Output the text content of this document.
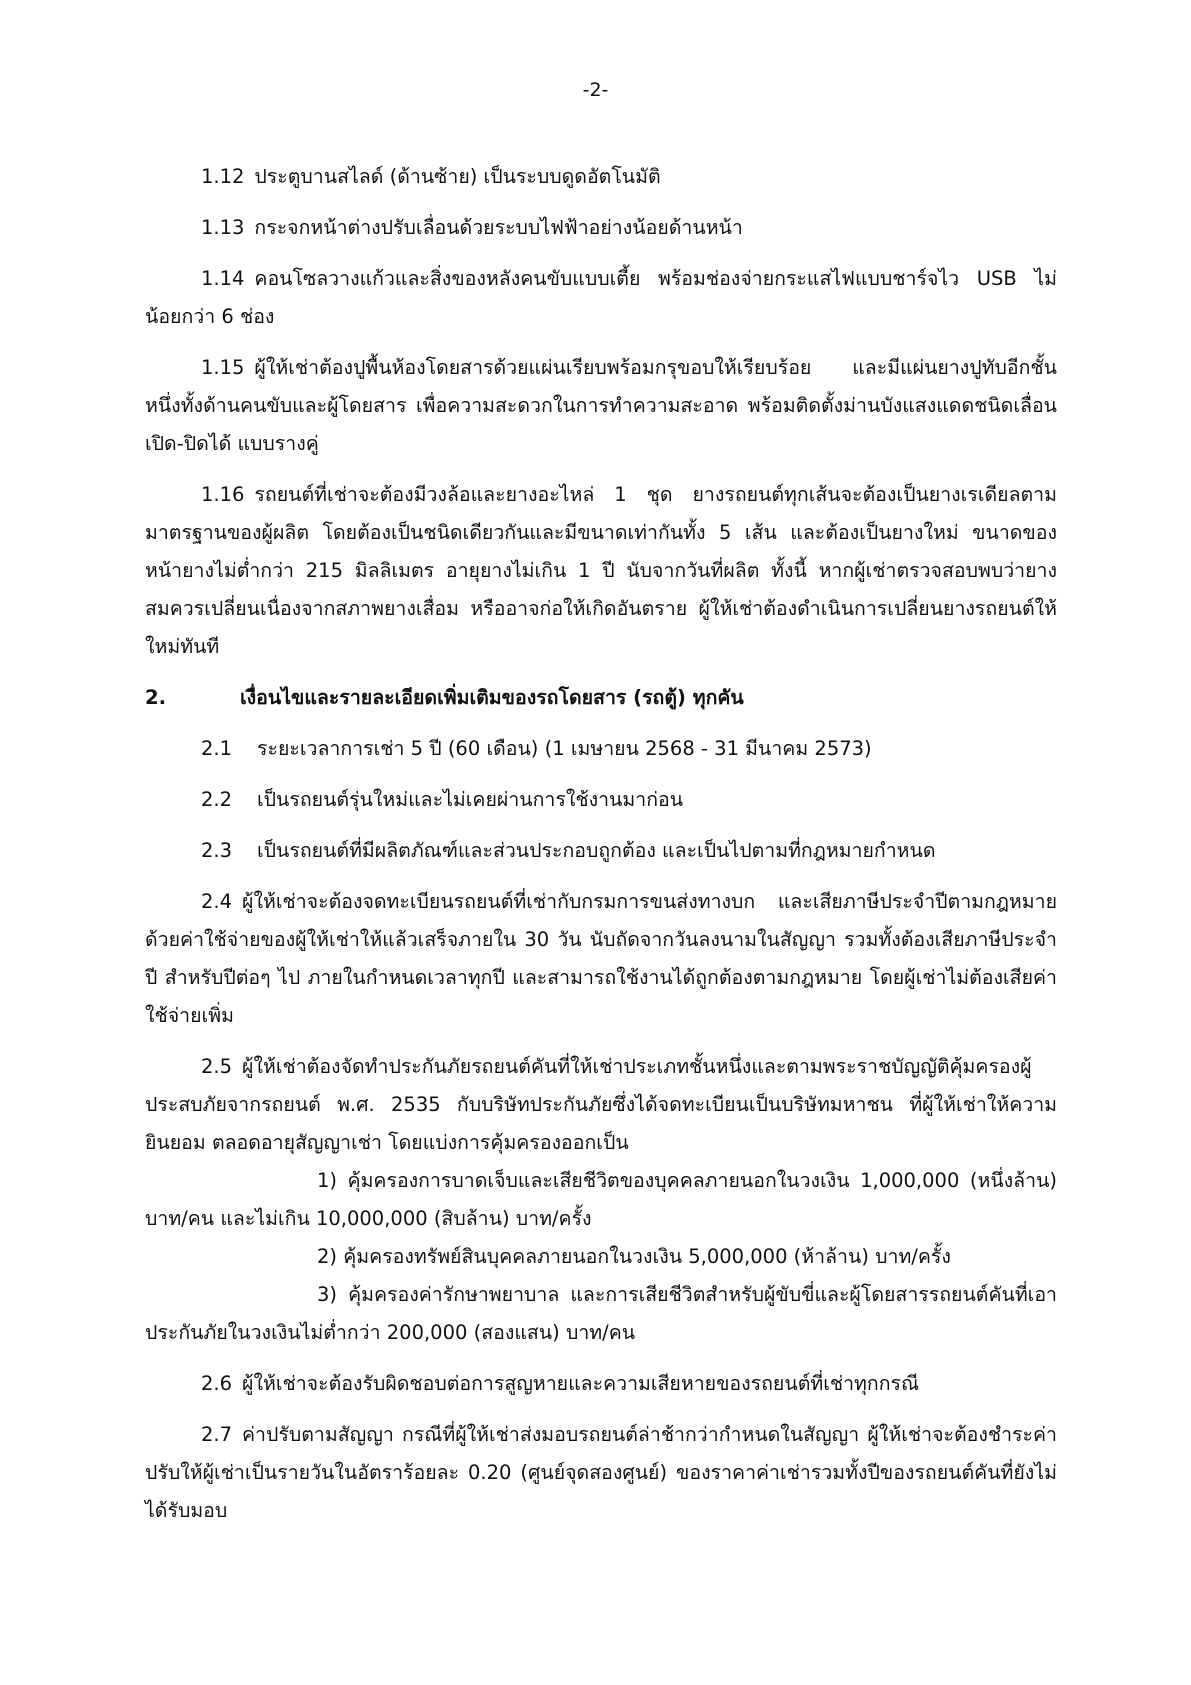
-2-

1.12 ประตูบานสไลด์ (ด้านซ้าย) เป็นระบบดูดอัตโนมัติ

1.13 กระจกหน้าต่างปรับเลื่อนด้วยระบบไฟฟ้าอย่างน้อยด้านหน้า

1.14 คอนโซลวางแก้วและสิ่งของหลังคนขับแบบเตี้ย พร้อมช่องจ่ายกระแสไฟแบบชาร์จไว USB ไม่น้อยกว่า 6 ช่อง

1.15 ผู้ให้เช่าต้องปูพื้นห้องโดยสารด้วยแผ่นเรียบพร้อมกรุขอบให้เรียบร้อย และมีแผ่นยางปูทับอีกชั้นหนึ่งทั้งด้านคนขับและผู้โดยสาร เพื่อความสะดวกในการทำความสะอาด พร้อมติดตั้งม่านบังแสงแดดชนิดเลื่อนเปิด-ปิดได้ แบบรางคู่

1.16 รถยนต์ที่เช่าจะต้องมีวงล้อและยางอะไหล่ 1 ชุด ยางรถยนต์ทุกเส้นจะต้องเป็นยางเรเดียลตามมาตรฐานของผู้ผลิต โดยต้องเป็นชนิดเดียวกันและมีขนาดเท่ากันทั้ง 5 เส้น และต้องเป็นยางใหม่ ขนาดของหน้ายางไม่ต่ำกว่า 215 มิลลิเมตร อายุยางไม่เกิน 1 ปี นับจากวันที่ผลิต ทั้งนี้ หากผู้เช่าตรวจสอบพบว่ายางสมควรเปลี่ยนเนื่องจากสภาพยางเสื่อม หรืออาจก่อให้เกิดอันตราย ผู้ให้เช่าต้องดำเนินการเปลี่ยนยางรถยนต์ให้ใหม่ทันที

2.	เงื่อนไขและรายละเอียดเพิ่มเติมของรถโดยสาร (รถตู้) ทุกคัน
2.1 ระยะเวลาการเช่า 5 ปี (60 เดือน) (1 เมษายน 2568 - 31 มีนาคม 2573)
2.2 เป็นรถยนต์รุ่นใหม่และไม่เคยผ่านการใช้งานมาก่อน
2.3 เป็นรถยนต์ที่มีผลิตภัณฑ์และส่วนประกอบถูกต้อง และเป็นไปตามที่กฎหมายกำหนด

2.4 ผู้ให้เช่าจะต้องจดทะเบียนรถยนต์ที่เช่ากับกรมการขนส่งทางบก และเสียภาษีประจำปีตามกฎหมาย ด้วยค่าใช้จ่ายของผู้ให้เช่าให้แล้วเสร็จภายใน 30 วัน นับถัดจากวันลงนามในสัญญา รวมทั้งต้องเสียภาษีประจำปี สำหรับปีต่อๆ ไป ภายในกำหนดเวลาทุกปี และสามารถใช้งานได้ถูกต้องตามกฎหมาย โดยผู้เช่าไม่ต้องเสียค่าใช้จ่ายเพิ่ม

2.5 ผู้ให้เช่าต้องจัดทำประกันภัยรถยนต์คันที่ให้เช่าประเภทชั้นหนึ่งและตามพระราชบัญญัติคุ้มครองผู้ประสบภัยจากรถยนต์ พ.ศ. 2535 กับบริษัทประกันภัยซึ่งได้จดทะเบียนเป็นบริษัทมหาชน ที่ผู้ให้เช่าให้ความยินยอม ตลอดอายุสัญญาเช่า โดยแบ่งการคุ้มครองออกเป็น

1) คุ้มครองการบาดเจ็บและเสียชีวิตของบุคคลภายนอกในวงเงิน 1,000,000 (หนึ่งล้าน) บาท/คน และไม่เกิน 10,000,000 (สิบล้าน) บาท/ครั้ง

2) คุ้มครองทรัพย์สินบุคคลภายนอกในวงเงิน 5,000,000 (ห้าล้าน) บาท/ครั้ง

3) คุ้มครองค่ารักษาพยาบาล และการเสียชีวิตสำหรับผู้ขับขี่และผู้โดยสารรถยนต์คันที่เอาประกันภัยในวงเงินไม่ต่ำกว่า 200,000 (สองแสน) บาท/คน

2.6 ผู้ให้เช่าจะต้องรับผิดชอบต่อการสูญหายและความเสียหายของรถยนต์ที่เช่าทุกกรณี

2.7 ค่าปรับตามสัญญา กรณีที่ผู้ให้เช่าส่งมอบรถยนต์ล่าช้ากว่ากำหนดในสัญญา ผู้ให้เช่าจะต้องชำระค่าปรับให้ผู้เช่าเป็นรายวันในอัตราร้อยละ 0.20 (ศูนย์จุดสองศูนย์) ของราคาค่าเช่ารวมทั้งปีของรถยนต์คันที่ยังไม่ได้รับมอบ
